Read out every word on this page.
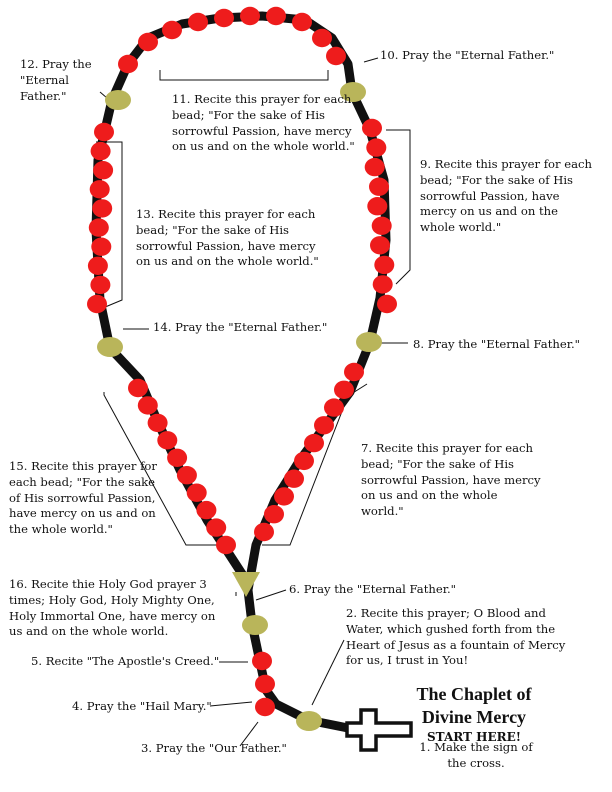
12. Pray the "Eternal Father."
10. Pray the "Eternal Father."
11. Recite this prayer for each bead; "For the sake of His sorrowful Passion, have mercy on us and on the whole world."
9. Recite this prayer for each bead; "For the sake of His sorrowful Passion, have mercy on us and on the whole world."
13. Recite this prayer for each bead; "For the sake of His sorrowful Passion, have mercy on us and on the whole world."
14. Pray the "Eternal Father."
8. Pray the "Eternal Father."
7. Recite this prayer for each bead; "For the sake of His sorrowful Passion, have mercy on us and on the whole world."
15. Recite this prayer for each bead; "For the sake of His sorrowful Passion, have mercy on us and on the whole world."
16. Recite thie Holy God prayer 3 times; Holy God, Holy Mighty One, Holy Immortal One, have mercy on us and on the whole world.
6. Pray the "Eternal Father."
2. Recite this prayer; O Blood and Water, which gushed forth from the Heart of Jesus as a fountain of Mercy for us, I trust in You!
5. Recite "The Apostle's Creed."
4. Pray the "Hail Mary."
3. Pray the "Our Father."
The Chaplet of
Divine Mercy
START HERE!
1. Make the sign of the cross.
